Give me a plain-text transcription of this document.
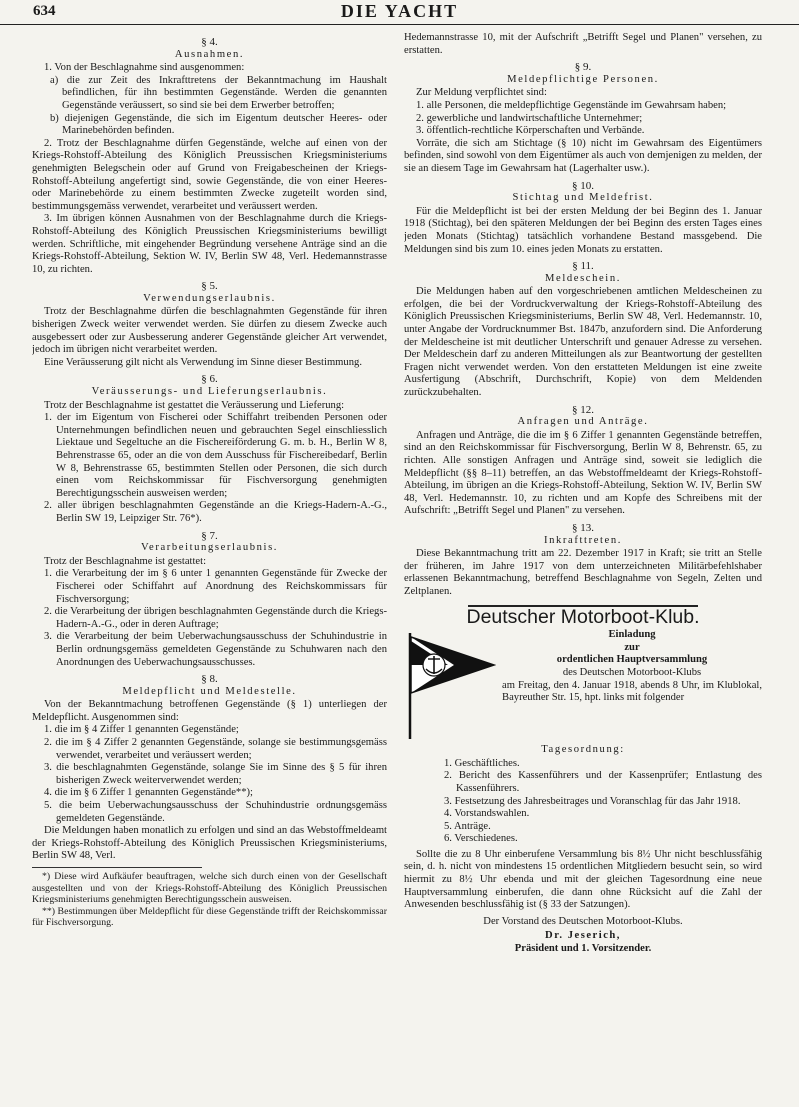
634	DIE YACHT
§ 4.
Ausnahmen.

1. Von der Beschlagnahme sind ausgenommen:

a) die zur Zeit des Inkrafttretens der Bekanntmachung im Haushalt befindlichen, für ihn bestimmten Gegenstände. Werden die genannten Gegenstände veräussert, so sind sie bei dem Erwerber betroffen;

b) diejenigen Gegenstände, die sich im Eigentum deutscher Heeres- oder Marinebehörden befinden.

2. Trotz der Beschlagnahme dürfen Gegenstände, welche auf einen von der Kriegs-Rohstoff-Abteilung des Königlich Preussischen Kriegsministeriums genehmigten Belegschein oder auf Grund von Freigabescheinen der Kriegs-Rohstoff-Abteilung angefertigt sind, sowie Gegenstände, die von einer Heeres- oder Marinebehörde zu einem bestimmten Zwecke zugeteilt worden sind, bestimmungsgemäss verwendet, verarbeitet und veräussert werden.

3. Im übrigen können Ausnahmen von der Beschlagnahme durch die Kriegs-Rohstoff-Abteilung des Königlich Preussischen Kriegsministeriums bewilligt werden. Schriftliche, mit eingehender Begründung versehene Anträge sind an die Kriegs-Rohstoff-Abteilung, Sektion W. IV, Berlin SW 48, Verl. Hedemannstrasse 10, zu richten.

§ 5.
Verwendungserlaubnis.

Trotz der Beschlagnahme dürfen die beschlagnahmten Gegenstände für ihren bisherigen Zweck weiter verwendet werden. Sie dürfen zu diesem Zwecke auch ausgebessert oder zur Ausbesserung anderer Gegenstände gleicher Art verwendet, jedoch im übrigen nicht verarbeitet werden.

Eine Veräusserung gilt nicht als Verwendung im Sinne dieser Bestimmung.

§ 6.
Veräusserungs- und Lieferungserlaubnis.

Trotz der Beschlagnahme ist gestattet die Veräusserung und Lieferung:

1. der im Eigentum von Fischerei oder Schiffahrt treibenden Personen oder Unternehmungen befindlichen neuen und gebrauchten Segel einschliesslich Liektaue und Segeltuche an die Fischereiförderung G. m. b. H., Berlin W 8, Behrenstrasse 65, oder an die von dem Ausschuss für Fischereibedarf, Berlin W 8, Behrenstrasse 65, bestimmten Stellen oder Personen, die sich durch einen vom Reichskommissar für Fischversorgung genehmigten Berechtigungsschein ausweisen werden;

2. aller übrigen beschlagnahmten Gegenstände an die Kriegs-Hadern-A.-G., Berlin SW 19, Leipziger Str. 76*).

§ 7.
Verarbeitungserlaubnis.

Trotz der Beschlagnahme ist gestattet:

1. die Verarbeitung der im § 6 unter 1 genannten Gegenstände für Zwecke der Fischerei oder Schiffahrt auf Anordnung des Reichskommissars für Fischversorgung;

2. die Verarbeitung der übrigen beschlagnahmten Gegenstände durch die Kriegs-Hadern-A.-G., oder in deren Auftrage;

3. die Verarbeitung der beim Ueberwachungsausschuss der Schuhindustrie in Berlin ordnungsgemäss gemeldeten Gegenstände zu Schuhwaren nach den Anordnungen des Ueberwachungsausschusses.

§ 8.
Meldepflicht und Meldestelle.

Von der Bekanntmachung betroffenen Gegenstände (§ 1) unterliegen der Meldepflicht. Ausgenommen sind:

1. die im § 4 Ziffer 1 genannten Gegenstände;

2. die im § 4 Ziffer 2 genannten Gegenstände, solange sie bestimmungsgemäss verwendet, verarbeitet und veräussert werden;

3. die beschlagnahmten Gegenstände, solange Sie im Sinne des § 5 für ihren bisherigen Zweck weiterverwendet werden;

4. die im § 6 Ziffer 1 genannten Gegenstände**);

5. die beim Ueberwachungsausschuss der Schuhindustrie ordnungsgemäss gemeldeten Gegenstände.

Die Meldungen haben monatlich zu erfolgen und sind an das Webstoffmeldeamt der Kriegs-Rohstoff-Abteilung des Königlich Preussischen Kriegsministeriums, Berlin SW 48, Verl.

*) Diese wird Aufkäufer beauftragen, welche sich durch einen von der Gesellschaft ausgestellten und von der Kriegs-Rohstoff-Abteilung des Königlich Preussischen Kriegsministeriums genehmigten Berechtigungsschein ausweisen.

**) Bestimmungen über Meldepflicht für diese Gegenstände trifft der Reichskommissar für Fischversorgung.

Hedemannstrasse 10, mit der Aufschrift „Betrifft Segel und Planen" versehen, zu erstatten.

§ 9.
Meldepflichtige Personen.

Zur Meldung verpflichtet sind:

1. alle Personen, die meldepflichtige Gegenstände im Gewahrsam haben;

2. gewerbliche und landwirtschaftliche Unternehmer;

3. öffentlich-rechtliche Körperschaften und Verbände.

Vorräte, die sich am Stichtage (§ 10) nicht im Gewahrsam des Eigentümers befinden, sind sowohl von dem Eigentümer als auch von demjenigen zu melden, der sie an diesem Tage im Gewahrsam hat (Lagerhalter usw.).

§ 10.
Stichtag und Meldefrist.

Für die Meldepflicht ist bei der ersten Meldung der bei Beginn des 1. Januar 1918 (Stichtag), bei den späteren Meldungen der bei Beginn des ersten Tages eines jeden Monats (Stichtag) tatsächlich vorhandene Bestand massgebend. Die Meldungen sind bis zum 10. eines jeden Monats zu erstatten.

§ 11.
Meldeschein.

Die Meldungen haben auf den vorgeschriebenen amtlichen Meldescheinen zu erfolgen, die bei der Vordruckverwaltung der Kriegs-Rohstoff-Abteilung des Königlich Preussischen Kriegsministeriums, Berlin SW 48, Verl. Hedemannstr. 10, unter Angabe der Vordrucknummer Bst. 1847b, anzufordern sind. Die Anforderung der Meldescheine ist mit deutlicher Unterschrift und genauer Adresse zu versehen. Der Meldeschein darf zu anderen Mitteilungen als zur Beantwortung der gestellten Fragen nicht verwendet werden. Von den erstatteten Meldungen ist eine zweite Ausfertigung (Abschrift, Durchschrift, Kopie) von dem Meldenden zurückzubehalten.

§ 12.
Anfragen und Anträge.

Anfragen und Anträge, die die im § 6 Ziffer 1 genannten Gegenstände betreffen, sind an den Reichskommissar für Fischversorgung, Berlin W 8, Behrenstr. 65, zu richten. Alle sonstigen Anfragen und Anträge sind, soweit sie lediglich die Meldepflicht (§§ 8–11) betreffen, an das Webstoffmeldeamt der Kriegs-Rohstoff-Abteilung, im übrigen an die Kriegs-Rohstoff-Abteilung, Sektion W. IV, Berlin SW 48, Verl. Hedemannstr. 10, zu richten und am Kopfe des Schreibens mit der Aufschrift: „Betrifft Segel und Planen" zu versehen.

§ 13.
Inkrafttreten.

Diese Bekanntmachung tritt am 22. Dezember 1917 in Kraft; sie tritt an Stelle der früheren, im Jahre 1917 von dem unterzeichneten Militärbefehlshaber erlassenen Bekanntmachung, betreffend Beschlagnahme von Segeln, Zelten und Zeltplanen.

Deutscher Motorboot-Klub.
Einladung
zur
ordentlichen Hauptversammlung
des Deutschen Motorboot-Klubs

am Freitag, den 4. Januar 1918, abends 8 Uhr, im Klublokal, Bayreuther Str. 15, hpt. links mit folgender

Tagesordnung:

1. Geschäftliches.

2. Bericht des Kassenführers und der Kassenprüfer; Entlastung des Kassenführers.

3. Festsetzung des Jahresbeitrages und Voranschlag für das Jahr 1918.

4. Vorstandswahlen.

5. Anträge.

6. Verschiedenes.

Sollte die zu 8 Uhr einberufene Versammlung bis 8½ Uhr nicht beschlussfähig sein, d. h. nicht von mindestens 15 ordentlichen Mitgliedern besucht sein, so wird hiermit zu 8½ Uhr ebenda und mit der gleichen Tagesordnung eine neue Hauptversammlung einberufen, die dann ohne Rücksicht auf die Zahl der Anwesenden beschlussfähig ist (§ 33 der Satzungen).

Der Vorstand des Deutschen Motorboot-Klubs.

Dr. Jeserich,
Präsident und 1. Vorsitzender.
